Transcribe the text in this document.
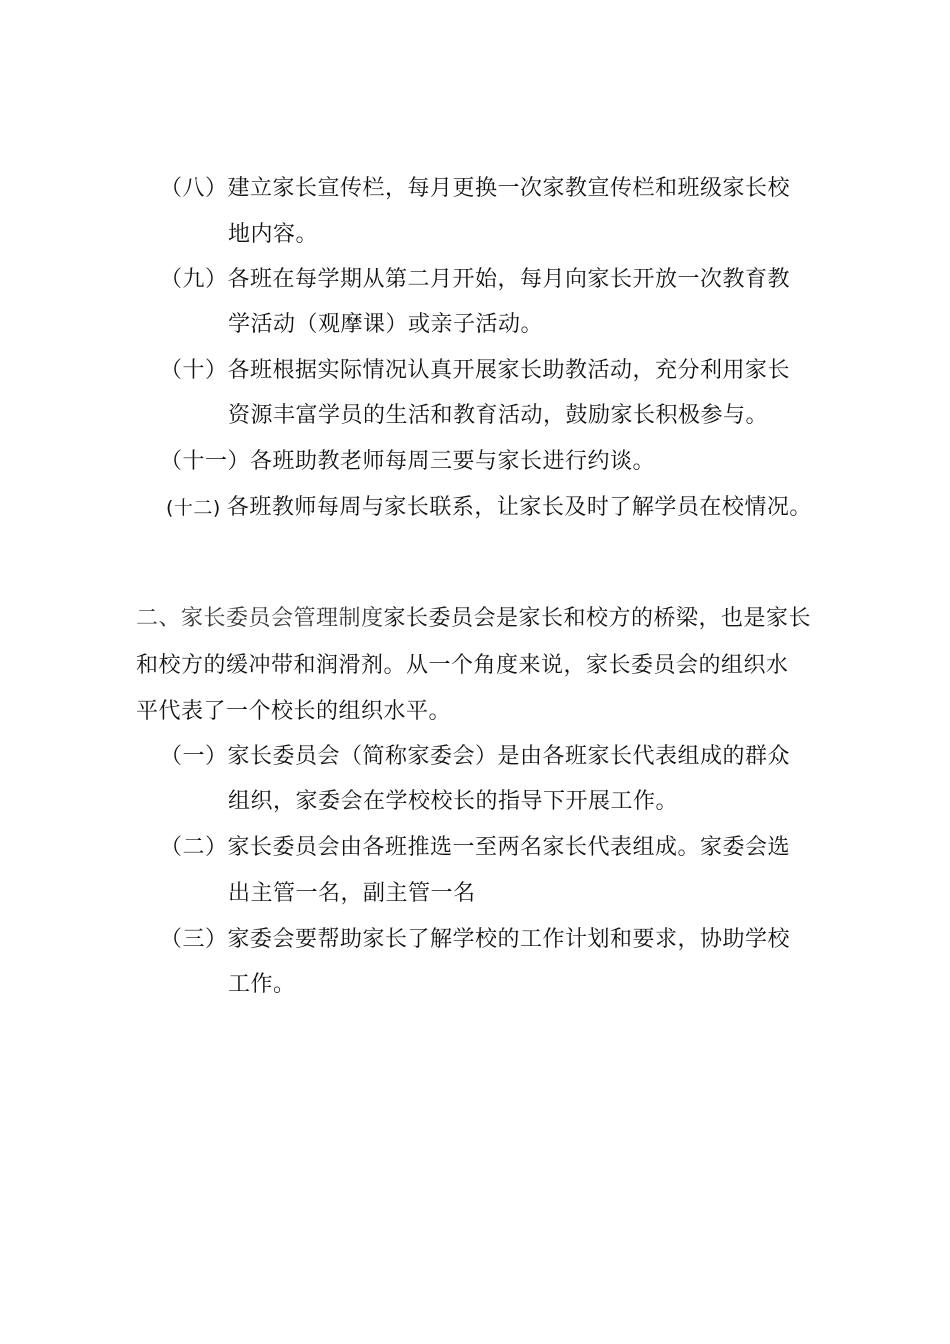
（八）建立家长宣传栏，每月更换一次家教宣传栏和班级家长校
地内容。
（九）各班在每学期从第二月开始，每月向家长开放一次教育教
学活动（观摩课）或亲子活动。
（十）各班根据实际情况认真开展家长助教活动，充分利用家长
资源丰富学员的生活和教育活动，鼓励家长积极参与。
（十一）各班助教老师每周三要与家长进行约谈。
(十二) 各班教师每周与家长联系，让家长及时了解学员在校情况。
二、家长委员会管理制度家长委员会是家长和校方的桥梁，也是家长
和校方的缓冲带和润滑剂。从一个角度来说，家长委员会的组织水
平代表了一个校长的组织水平。
（一）家长委员会（简称家委会）是由各班家长代表组成的群众
组织，家委会在学校校长的指导下开展工作。
（二）家长委员会由各班推选一至两名家长代表组成。家委会选
出主管一名，副主管一名
（三）家委会要帮助家长了解学校的工作计划和要求，协助学校
工作。
